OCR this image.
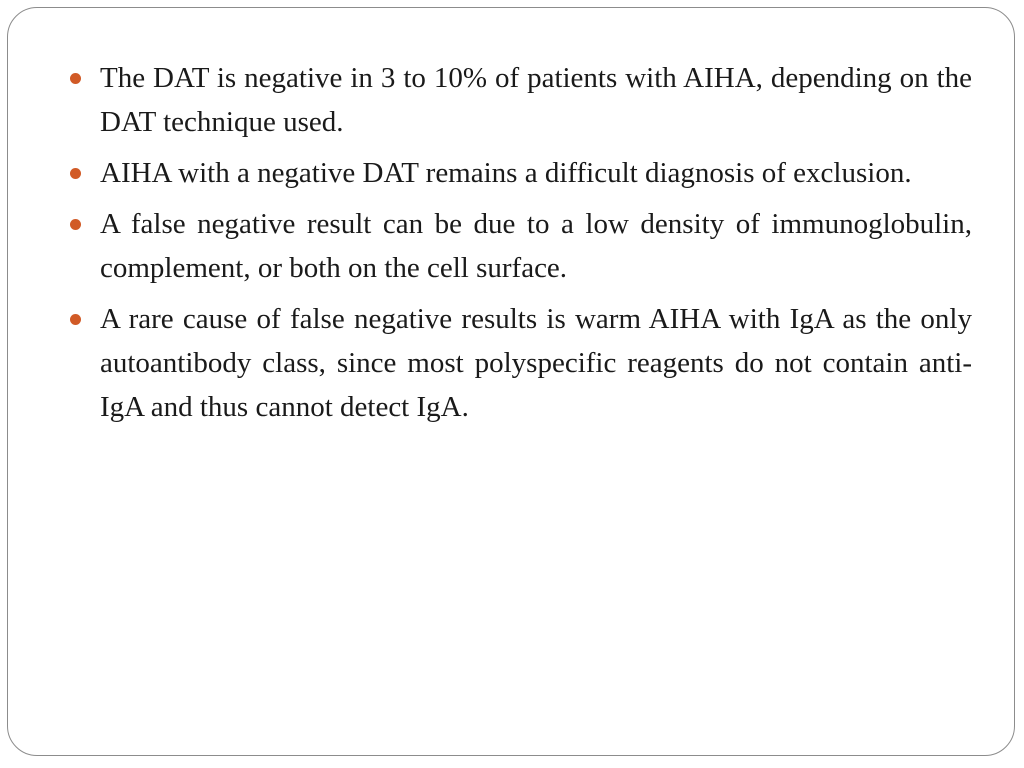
The DAT is negative in 3 to 10% of patients with AIHA, depending on the DAT technique used.
AIHA with a negative DAT remains a difficult diagnosis of exclusion.
A false negative result can be due to a low density of immunoglobulin, complement, or both on the cell surface.
A rare cause of false negative results is warm AIHA with IgA as the only autoantibody class, since most polyspecific reagents do not contain anti-IgA and thus cannot detect IgA.
